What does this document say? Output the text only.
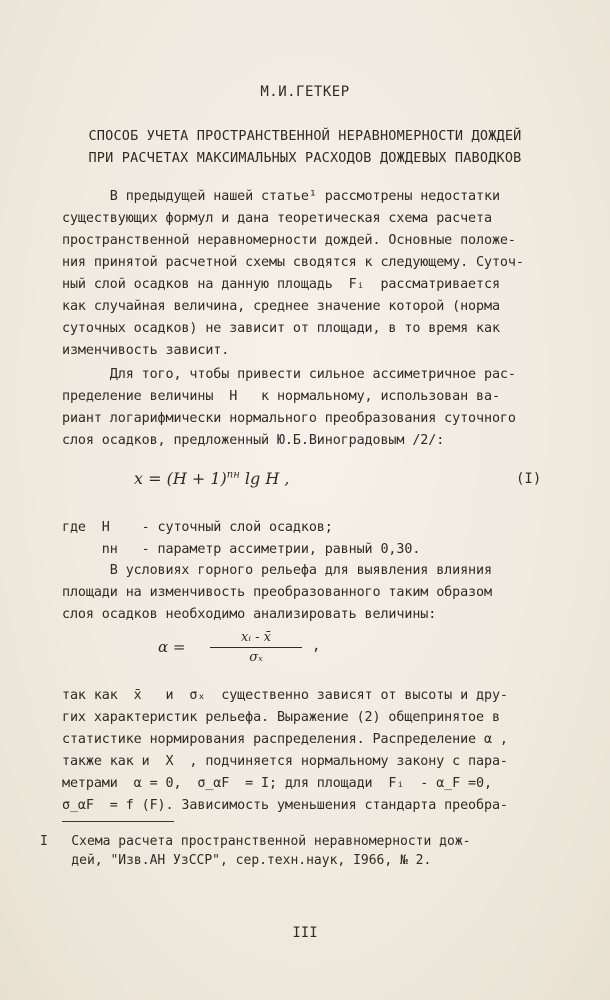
М.И.ГЕТКЕР
СПОСОБ УЧЕТА ПРОСТРАНСТВЕННОЙ НЕРАВНОМЕРНОСТИ ДОЖДЕЙ
ПРИ РАСЧЕТАХ МАКСИМАЛЬНЫХ РАСХОДОВ ДОЖДЕВЫХ ПАВОДКОВ
В предыдущей нашей статье¹ рассмотрены недостатки
существующих формул и дана теоретическая схема расчета
пространственной неравномерности дождей. Основные положе-
ния принятой расчетной схемы сводятся к следующему. Суточ-
ный слой осадков на данную площадь  Fᵢ  рассматривается
как случайная величина, среднее значение которой (норма
суточных осадков) не зависит от площади, в то время как
изменчивость зависит.
Для того, чтобы привести сильное ассиметричное рас-
пределение величины  H   к нормальному, использован ва-
риант логарифмически нормального преобразования суточного
слоя осадков, предложенный Ю.Б.Виноградовым /2/:
$x = (H + 1)^{nн}$ lg H ,	(I)
где  H    - суточный слой осадков;
nн   - параметр ассиметрии, равный 0,30.
В условиях горного рельефа для выявления влияния
площади на изменчивость преобразованного таким образом
слоя осадков необходимо анализировать величины:
α =
xᵢ - x̄
σₓ
,
так как  x̄   и  σₓ  существенно зависят от высоты и дру-
гих характеристик рельефа. Выражение (2) общепринятое в
статистике нормирования распределения. Распределение α ,
также как и  X  , подчиняется нормальному закону с пара-
метрами  α = 0,  σ_αF  = I; для площади  Fᵢ  - α_F =0,
σ_αF  = f (F). Зависимость уменьшения стандарта преобра-
I   Схема расчета пространственной неравномерности дож-
дей, "Изв.АН УзССР", сер.техн.наук, I966, № 2.
III
